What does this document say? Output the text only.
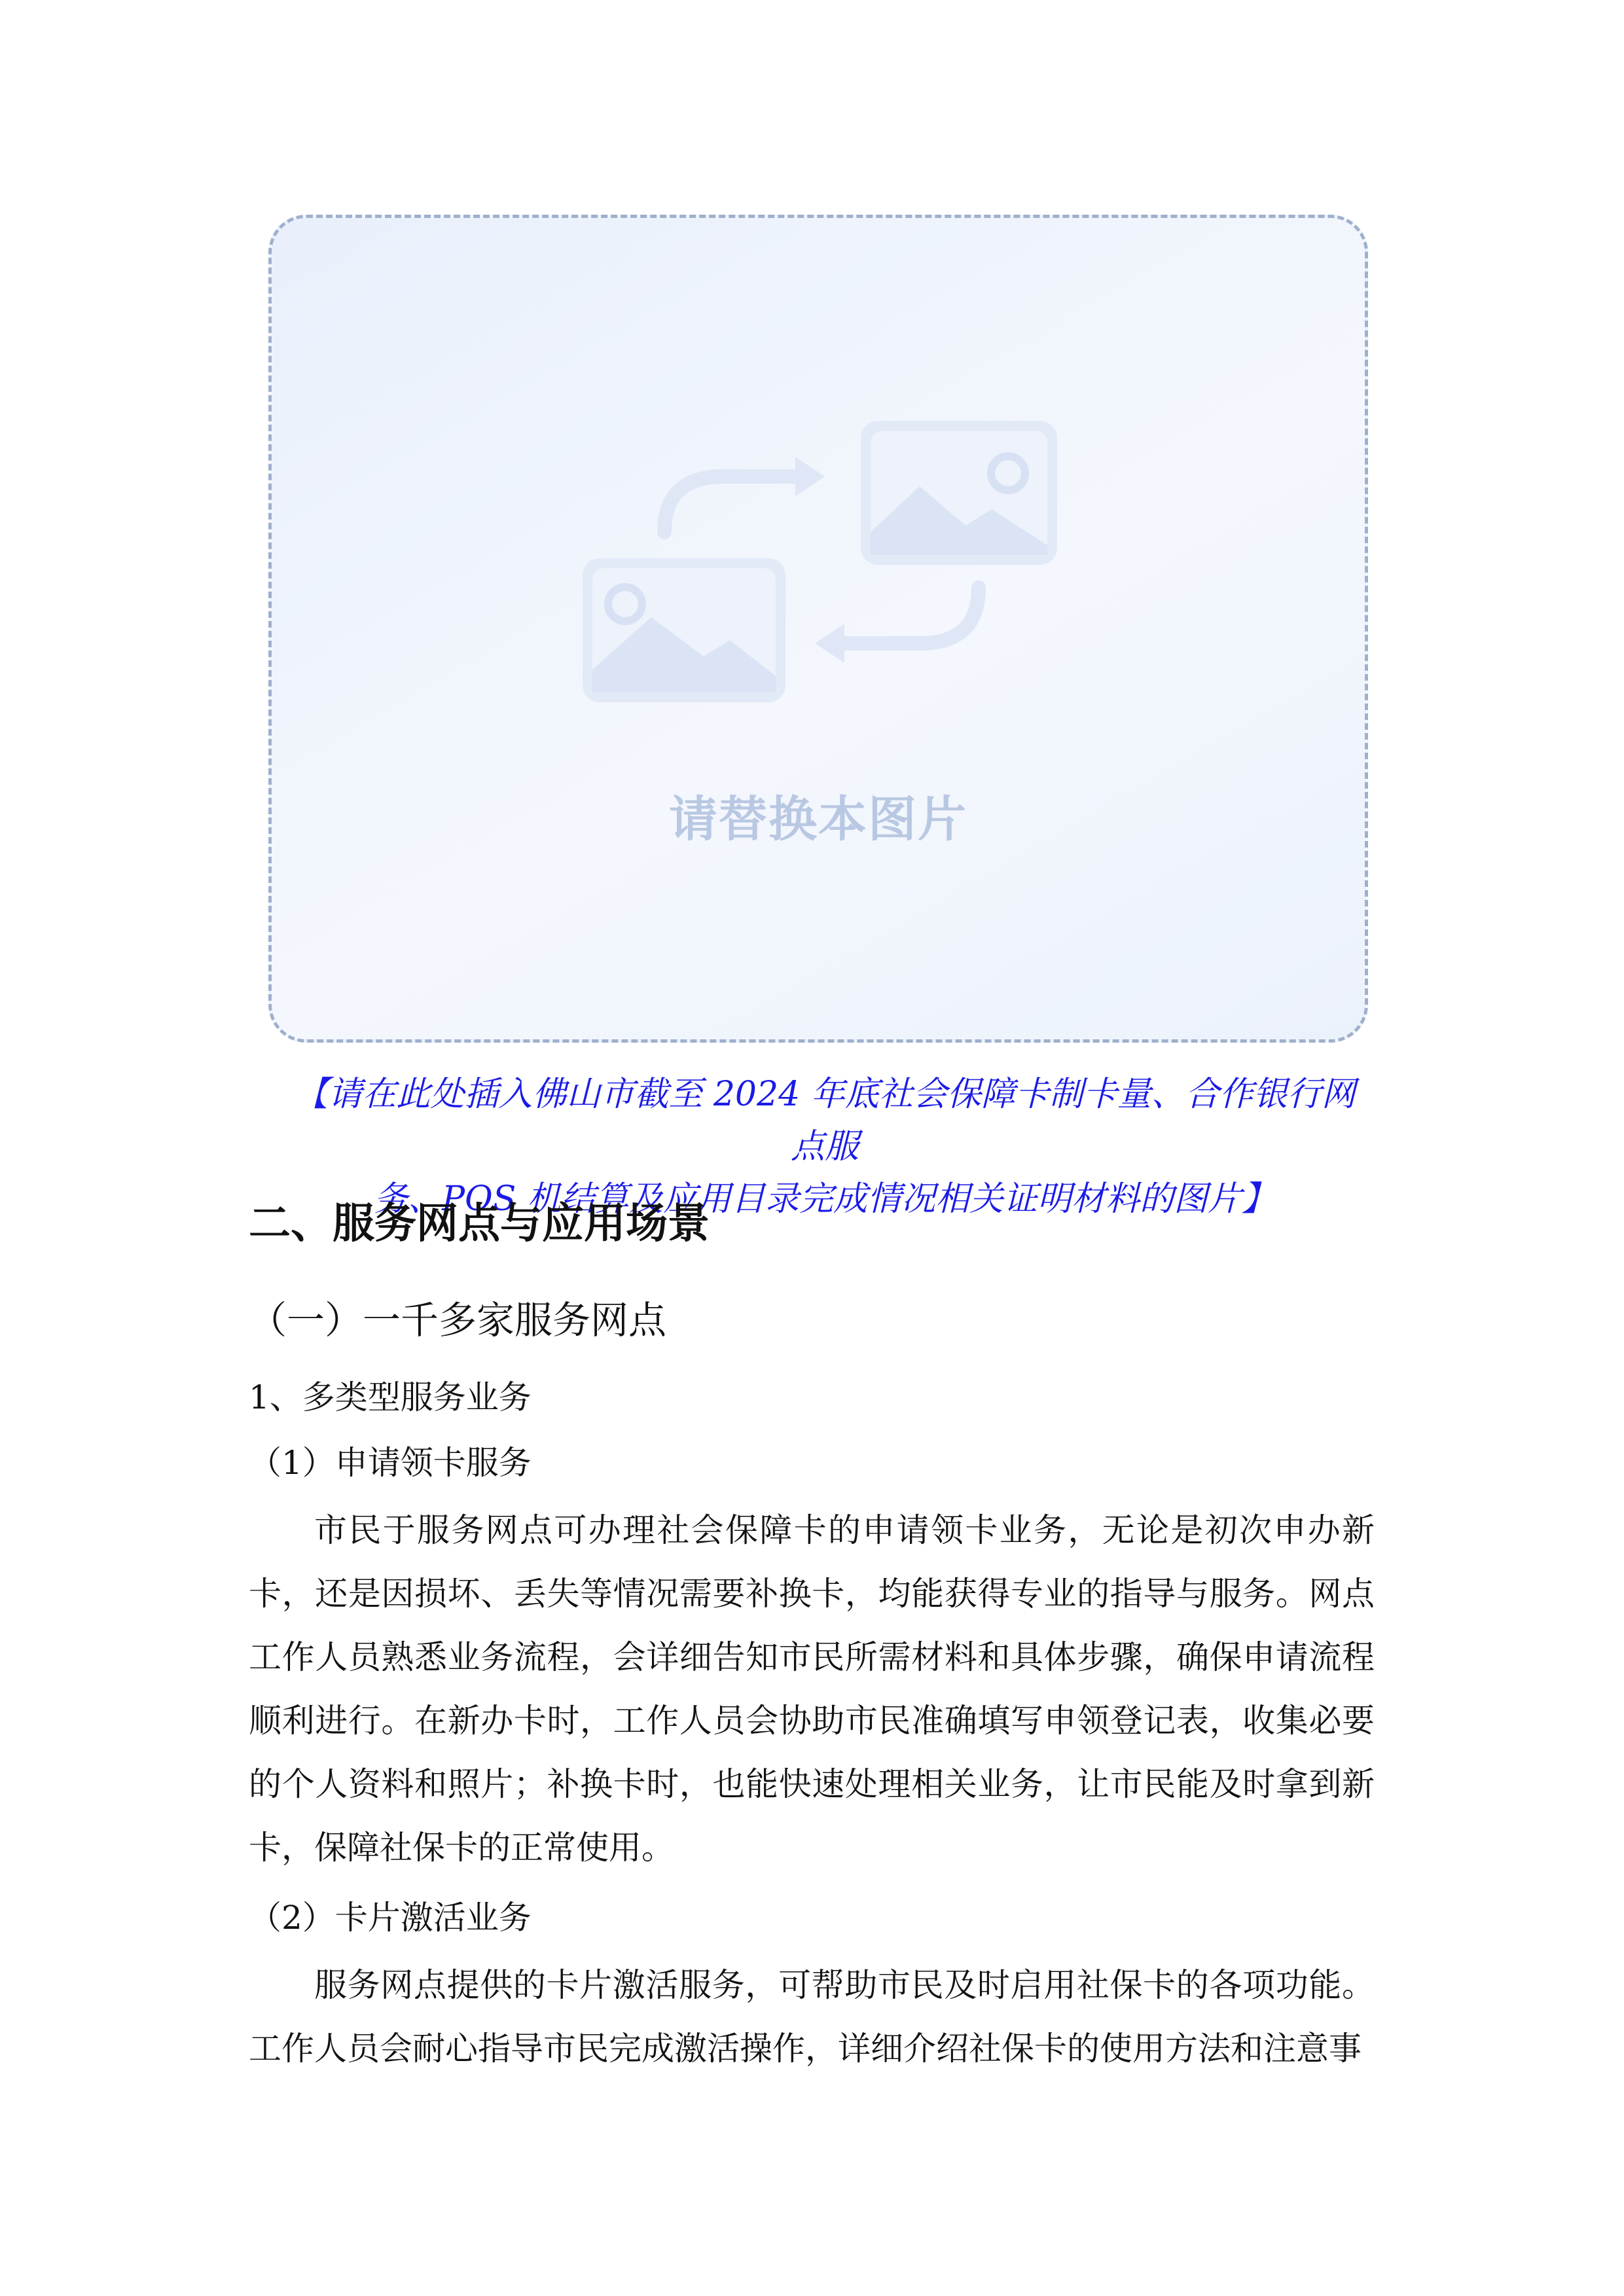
请替换本图片
【请在此处插入佛山市截至 2024 年底社会保障卡制卡量、合作银行网点服
务、POS 机结算及应用目录完成情况相关证明材料的图片】
二、服务网点与应用场景
（一）一千多家服务网点
1、多类型服务业务
（1）申请领卡服务
市民于服务网点可办理社会保障卡的申请领卡业务，无论是初次申办新卡，还是因损坏、丢失等情况需要补换卡，均能获得专业的指导与服务。网点工作人员熟悉业务流程，会详细告知市民所需材料和具体步骤，确保申请流程顺利进行。在新办卡时，工作人员会协助市民准确填写申领登记表，收集必要的个人资料和照片；补换卡时，也能快速处理相关业务，让市民能及时拿到新卡，保障社保卡的正常使用。
（2）卡片激活业务
服务网点提供的卡片激活服务，可帮助市民及时启用社保卡的各项功能。工作人员会耐心指导市民完成激活操作，详细介绍社保卡的使用方法和注意事
